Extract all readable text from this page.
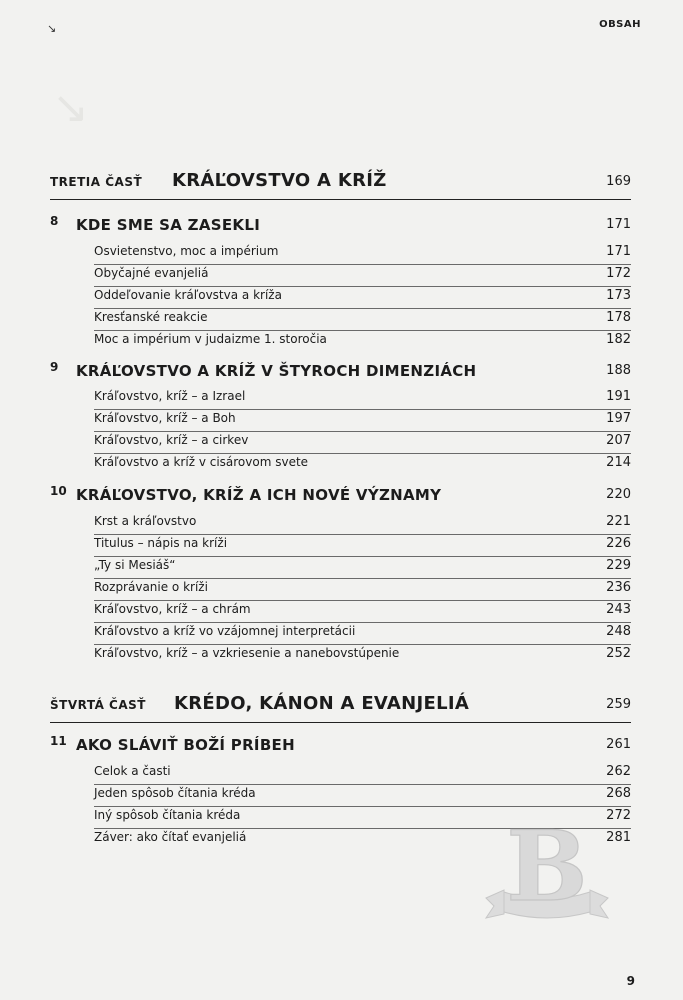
↘
↘	OBSAH
TRETIA ČASŤ KRÁĽOVSTVO A KRÍŽ	169
8 KDE SME SA ZASEKLI	171
Osvietenstvo, moc a impérium	171
Obyčajné evanjeliá	172
Oddeľovanie kráľovstva a kríža	173
Kresťanské reakcie	178
Moc a impérium v judaizme 1. storočia	182
9 KRÁĽOVSTVO A KRÍŽ V ŠTYROCH DIMENZIÁCH	188
Kráľovstvo, kríž – a Izrael	191
Kráľovstvo, kríž – a Boh	197
Kráľovstvo, kríž – a cirkev	207
Kráľovstvo a kríž v cisárovom svete	214
10 KRÁĽOVSTVO, KRÍŽ A ICH NOVÉ VÝZNAMY	220
Krst a kráľovstvo	221
Titulus – nápis na kríži	226
„Ty si Mesiáš“	229
Rozprávanie o kríži	236
Kráľovstvo, kríž – a chrám	243
Kráľovstvo a kríž vo vzájomnej interpretácii	248
Kráľovstvo, kríž – a vzkriesenie a nanebovstúpenie	252
ŠTVRTÁ ČASŤ KRÉDO, KÁNON A EVANJELIÁ	259
11 AKO SLÁVIŤ BOŽÍ PRÍBEH	261
Celok a časti	262
Jeden spôsob čítania kréda	268
Iný spôsob čítania kréda	272
Záver: ako čítať evanjeliá	281
B
9
